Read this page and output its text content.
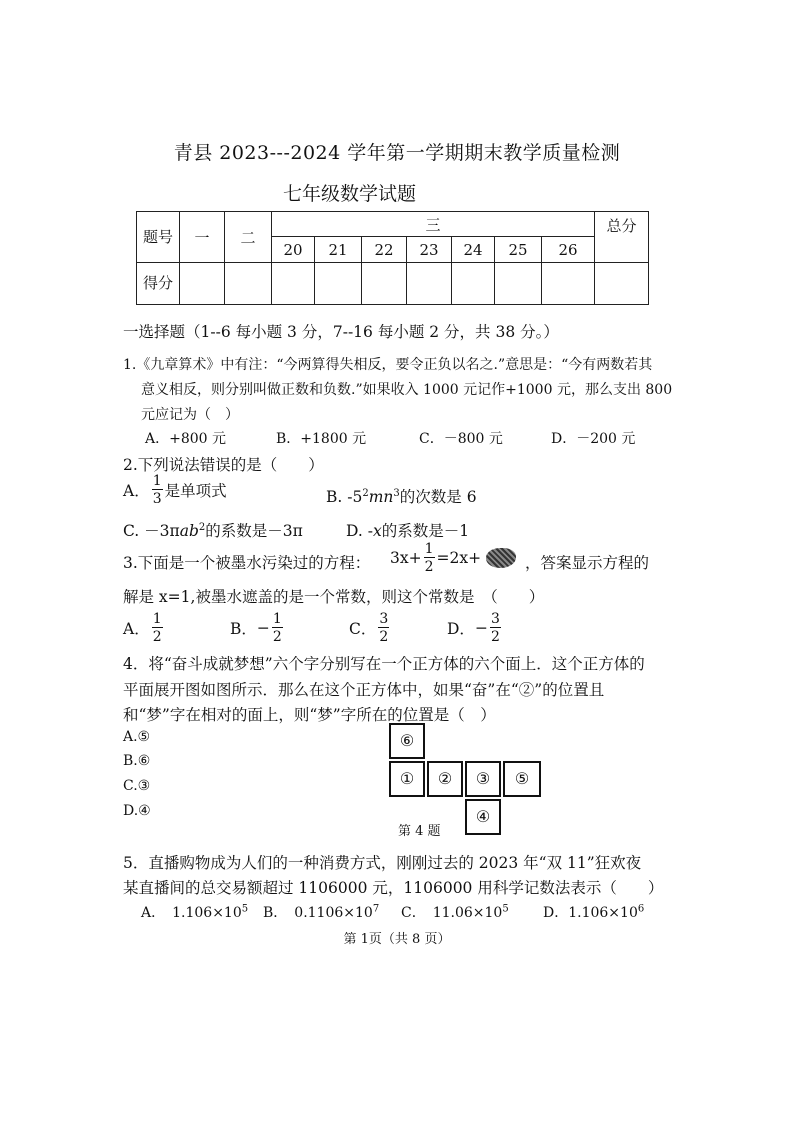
青县 2023---2024 学年第一学期期末教学质量检测
七年级数学试题
题号	一	二	三							总分
			20	21	22	23	24	25	26	
得分										
一选择题（1--6 每小题 3 分，7--16 每小题 2 分，共 38 分。）
1.《九章算术》中有注：“今两算得失相反，要令正负以名之.”意思是：“今有两数若其
意义相反，则分别叫做正数和负数.”如果收入 1000 元记作+1000 元，那么支出 800
元应记为（　）
A．+800 元	B．+1800 元	C．－800 元	D．－200 元
2.下列说法错误的是（　　）
A． $\frac{1}{3}$ 是单项式	B. $-5^2mn^3$的次数是 6
C. －3πab$^2$的系数是－3π	D. -x的系数是－1
3.下面是一个被墨水污染过的方程： $3x+ \frac{1}{2} =2x+$	，答案显示方程的
解是 x=1,被墨水遮盖的是一个常数，则这个常数是　（　　）
A． $\frac{1}{2}$	B．− $\frac{1}{2}$	C． $\frac{3}{2}$	D．− $\frac{3}{2}$
4．将“奋斗成就梦想”六个字分别写在一个正方体的六个面上．这个正方体的
平面展开图如图所示．那么在这个正方体中，如果“奋”在“②”的位置且
和“梦”字在相对的面上，则“梦”字所在的位置是（　）
A.⑤
B.⑥
C.③
D.④
⑥
①	②	③	⑤
④
第 4 题
5．直播购物成为人们的一种消费方式，刚刚过去的 2023 年“双 11”狂欢夜
某直播间的总交易额超过 1106000 元，1106000 用科学记数法表示（　　）
A．　$1.106\times 10^5$ B．　$0.1106\times 10^7$ C．　$11.06\times 10^5$ D．$1.106\times 10^6$
第 1页（共 8 页）
